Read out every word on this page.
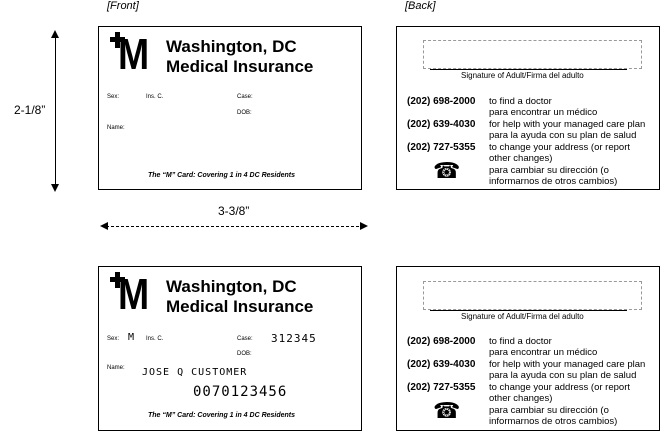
[Front]	[Back]
2-1/8”
3-3/8”
M Washington, DC
Medical Insurance
Sex:	Ins. C.	Case:
DOB:
Name:
The “M” Card: Covering 1 in 4 DC Residents
Signature of Adult/Firma del adulto
(202) 698-2000 to find a doctor
para encontrar un médico
(202) 639-4030 for help with your managed care plan
para la ayuda con su plan de salud
(202) 727-5355 to change your address (or report
other changes)
☎	para cambiar su dirección (o
informarnos de otros cambios)
M Washington, DC
Medical Insurance
Sex: M Ins. C.	Case: 312345
DOB:
Name: JOSE Q CUSTOMER
0070123456
The “M” Card: Covering 1 in 4 DC Residents
Signature of Adult/Firma del adulto
(202) 698-2000 to find a doctor
para encontrar un médico
(202) 639-4030 for help with your managed care plan
para la ayuda con su plan de salud
(202) 727-5355 to change your address (or report
other changes)
☎	para cambiar su dirección (o
informarnos de otros cambios)
